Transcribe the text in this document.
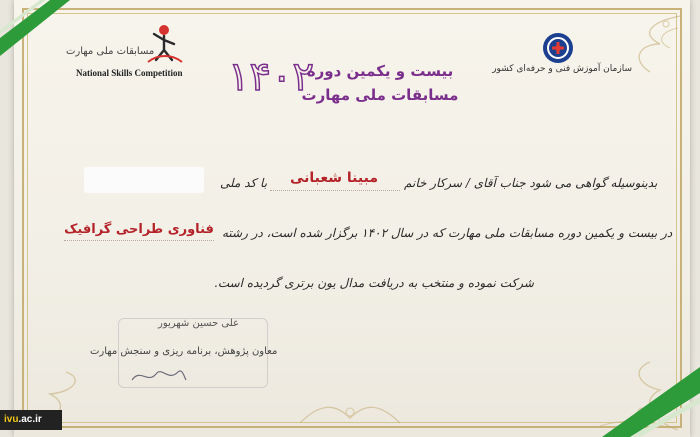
مسابقات ملی مهارت
National Skills Competition	سازمان آموزش فنی و حرفه‌ای کشور
۱۴۰۲
بیست و یکمین دوره
مسابقات ملی مهارت
با کد ملی	مبینا شعبانی	بدینوسیله گواهی می شود جناب آقای / سرکار خانم
فناوری طراحی گرافیک در بیست و یکمین دوره مسابقات ملی مهارت که در سال ۱۴۰۲ برگزار شده است، در رشته
شرکت نموده و منتخب به دریافت مدال یون برتری گردیده است.
علی حسین شهریور
معاون پژوهش، برنامه ریزی و سنجش مهارت
ivu.ac.ir
